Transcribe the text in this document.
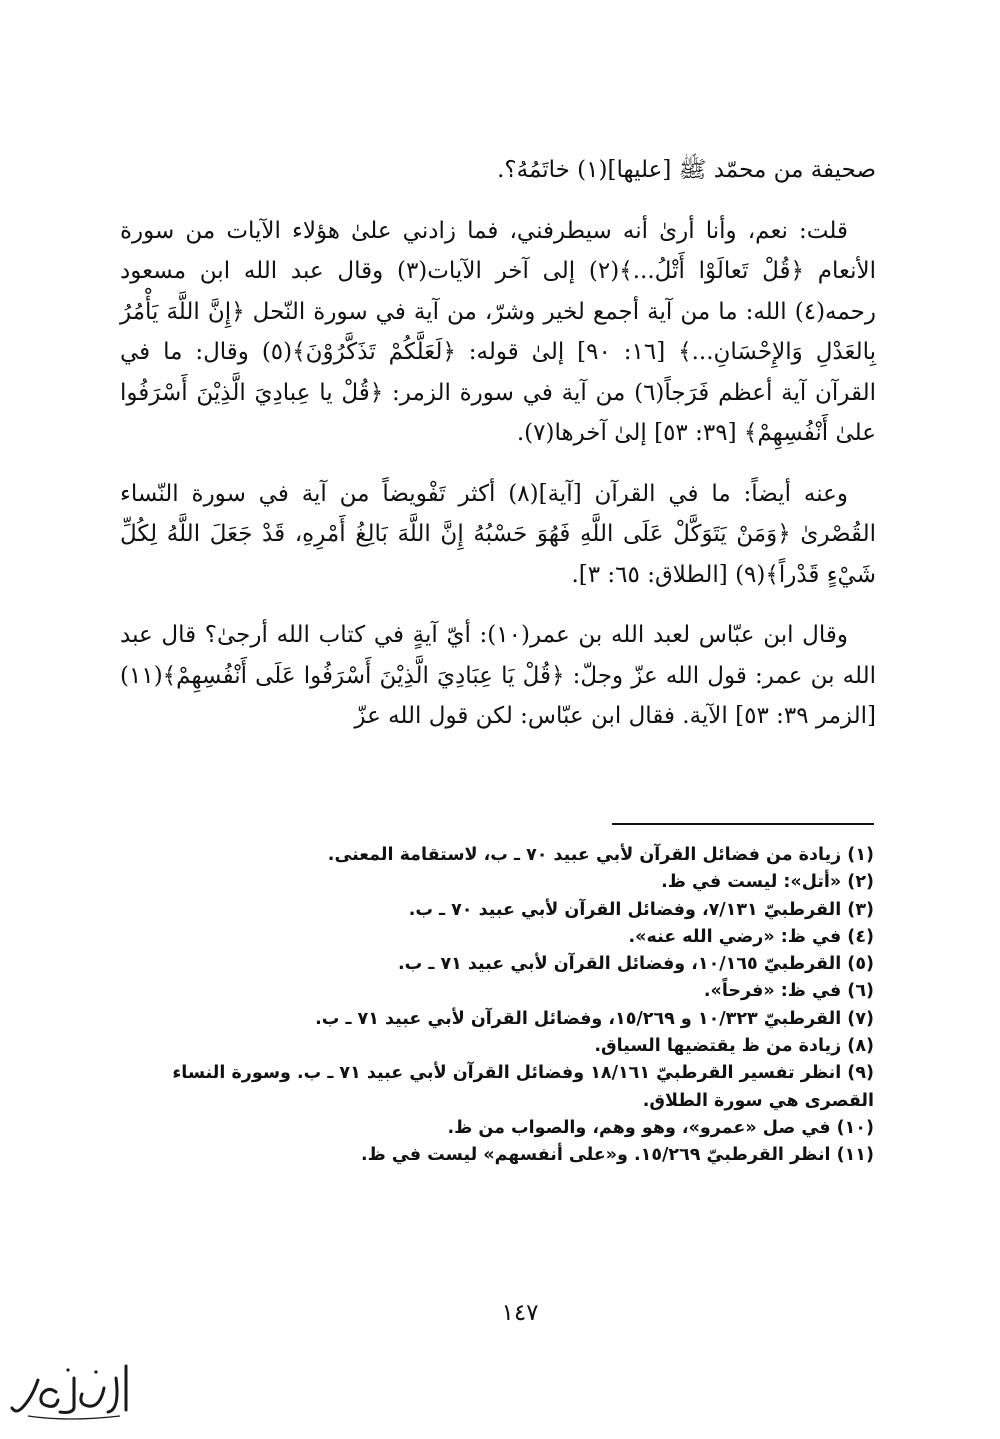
صحيفة من محمّد ﷺ [عليها](١) خاتَمُهُ؟.

قلت: نعم، وأنا أرىٰ أنه سيطرفني، فما زادني علىٰ هؤلاء الآيات من سورة الأنعام ﴿قُلْ تَعالَوْا أَتْلُ...﴾(٢) إلى آخر الآيات(٣) وقال عبد الله ابن مسعود رحمه(٤) الله: ما من آية أجمع لخير وشرّ، من آية في سورة النّحل ﴿إِنَّ اللَّهَ يَأْمُرُ بِالعَدْلِ وَالإِحْسَانِ...﴾ [١٦: ٩٠] إلىٰ قوله: ﴿لَعَلَّكُمْ تَذَكَّرُوْنَ﴾(٥) وقال: ما في القرآن آية أعظم فَرَجاً(٦) من آية في سورة الزمر: ﴿قُلْ يا عِبادِيَ الَّذِيْنَ أَسْرَفُوا علىٰ أَنْفُسِهِمْ﴾ [٣٩: ٥٣] إلىٰ آخرها(٧).

وعنه أيضاً: ما في القرآن [آية](٨) أكثر تَفْويضاً من آية في سورة النّساء القُصْرىٰ ﴿وَمَنْ يَتَوَكَّلْ عَلَى اللَّهِ فَهُوَ حَسْبُهُ إِنَّ اللَّهَ بَالِغُ أَمْرِهِ، قَدْ جَعَلَ اللَّهُ لِكُلِّ شَيْءٍ قَدْراً﴾(٩) [الطلاق: ٦٥: ٣].

وقال ابن عبّاس لعبد الله بن عمر(١٠): أيّ آيةٍ في كتاب الله أرجىٰ؟ قال عبد الله بن عمر: قول الله عزّ وجلّ: ﴿قُلْ يَا عِبَادِيَ الَّذِيْنَ أَسْرَفُوا عَلَى أَنْفُسِهِمْ﴾(١١) [الزمر ٣٩: ٥٣] الآية. فقال ابن عبّاس: لكن قول الله عزّ

(١) زيادة من فضائل القرآن لأبي عبيد ٧٠ ـ ب، لاستقامة المعنى.

(٢) «أتل»: ليست في ظ.

(٣) القرطبيّ ٧/١٣١، وفضائل القرآن لأبي عبيد ٧٠ ـ ب.

(٤) في ظ: «رضي الله عنه».

(٥) القرطبيّ ١٠/١٦٥، وفضائل القرآن لأبي عبيد ٧١ ـ ب.

(٦) في ظ: «فرحاً».

(٧) القرطبيّ ١٠/٣٢٣ و ١٥/٢٦٩، وفضائل القرآن لأبي عبيد ٧١ ـ ب.

(٨) زيادة من ظ يقتضيها السياق.

(٩) انظر تفسير القرطبيّ ١٨/١٦١ وفضائل القرآن لأبي عبيد ٧١ ـ ب. وسورة النساء القصرى هي سورة الطلاق.

(١٠) في صل «عمرو»، وهو وهم، والصواب من ظ.

(١١) انظر القرطبيّ ١٥/٢٦٩. و«على أنفسهم» ليست في ظ.

١٤٧
